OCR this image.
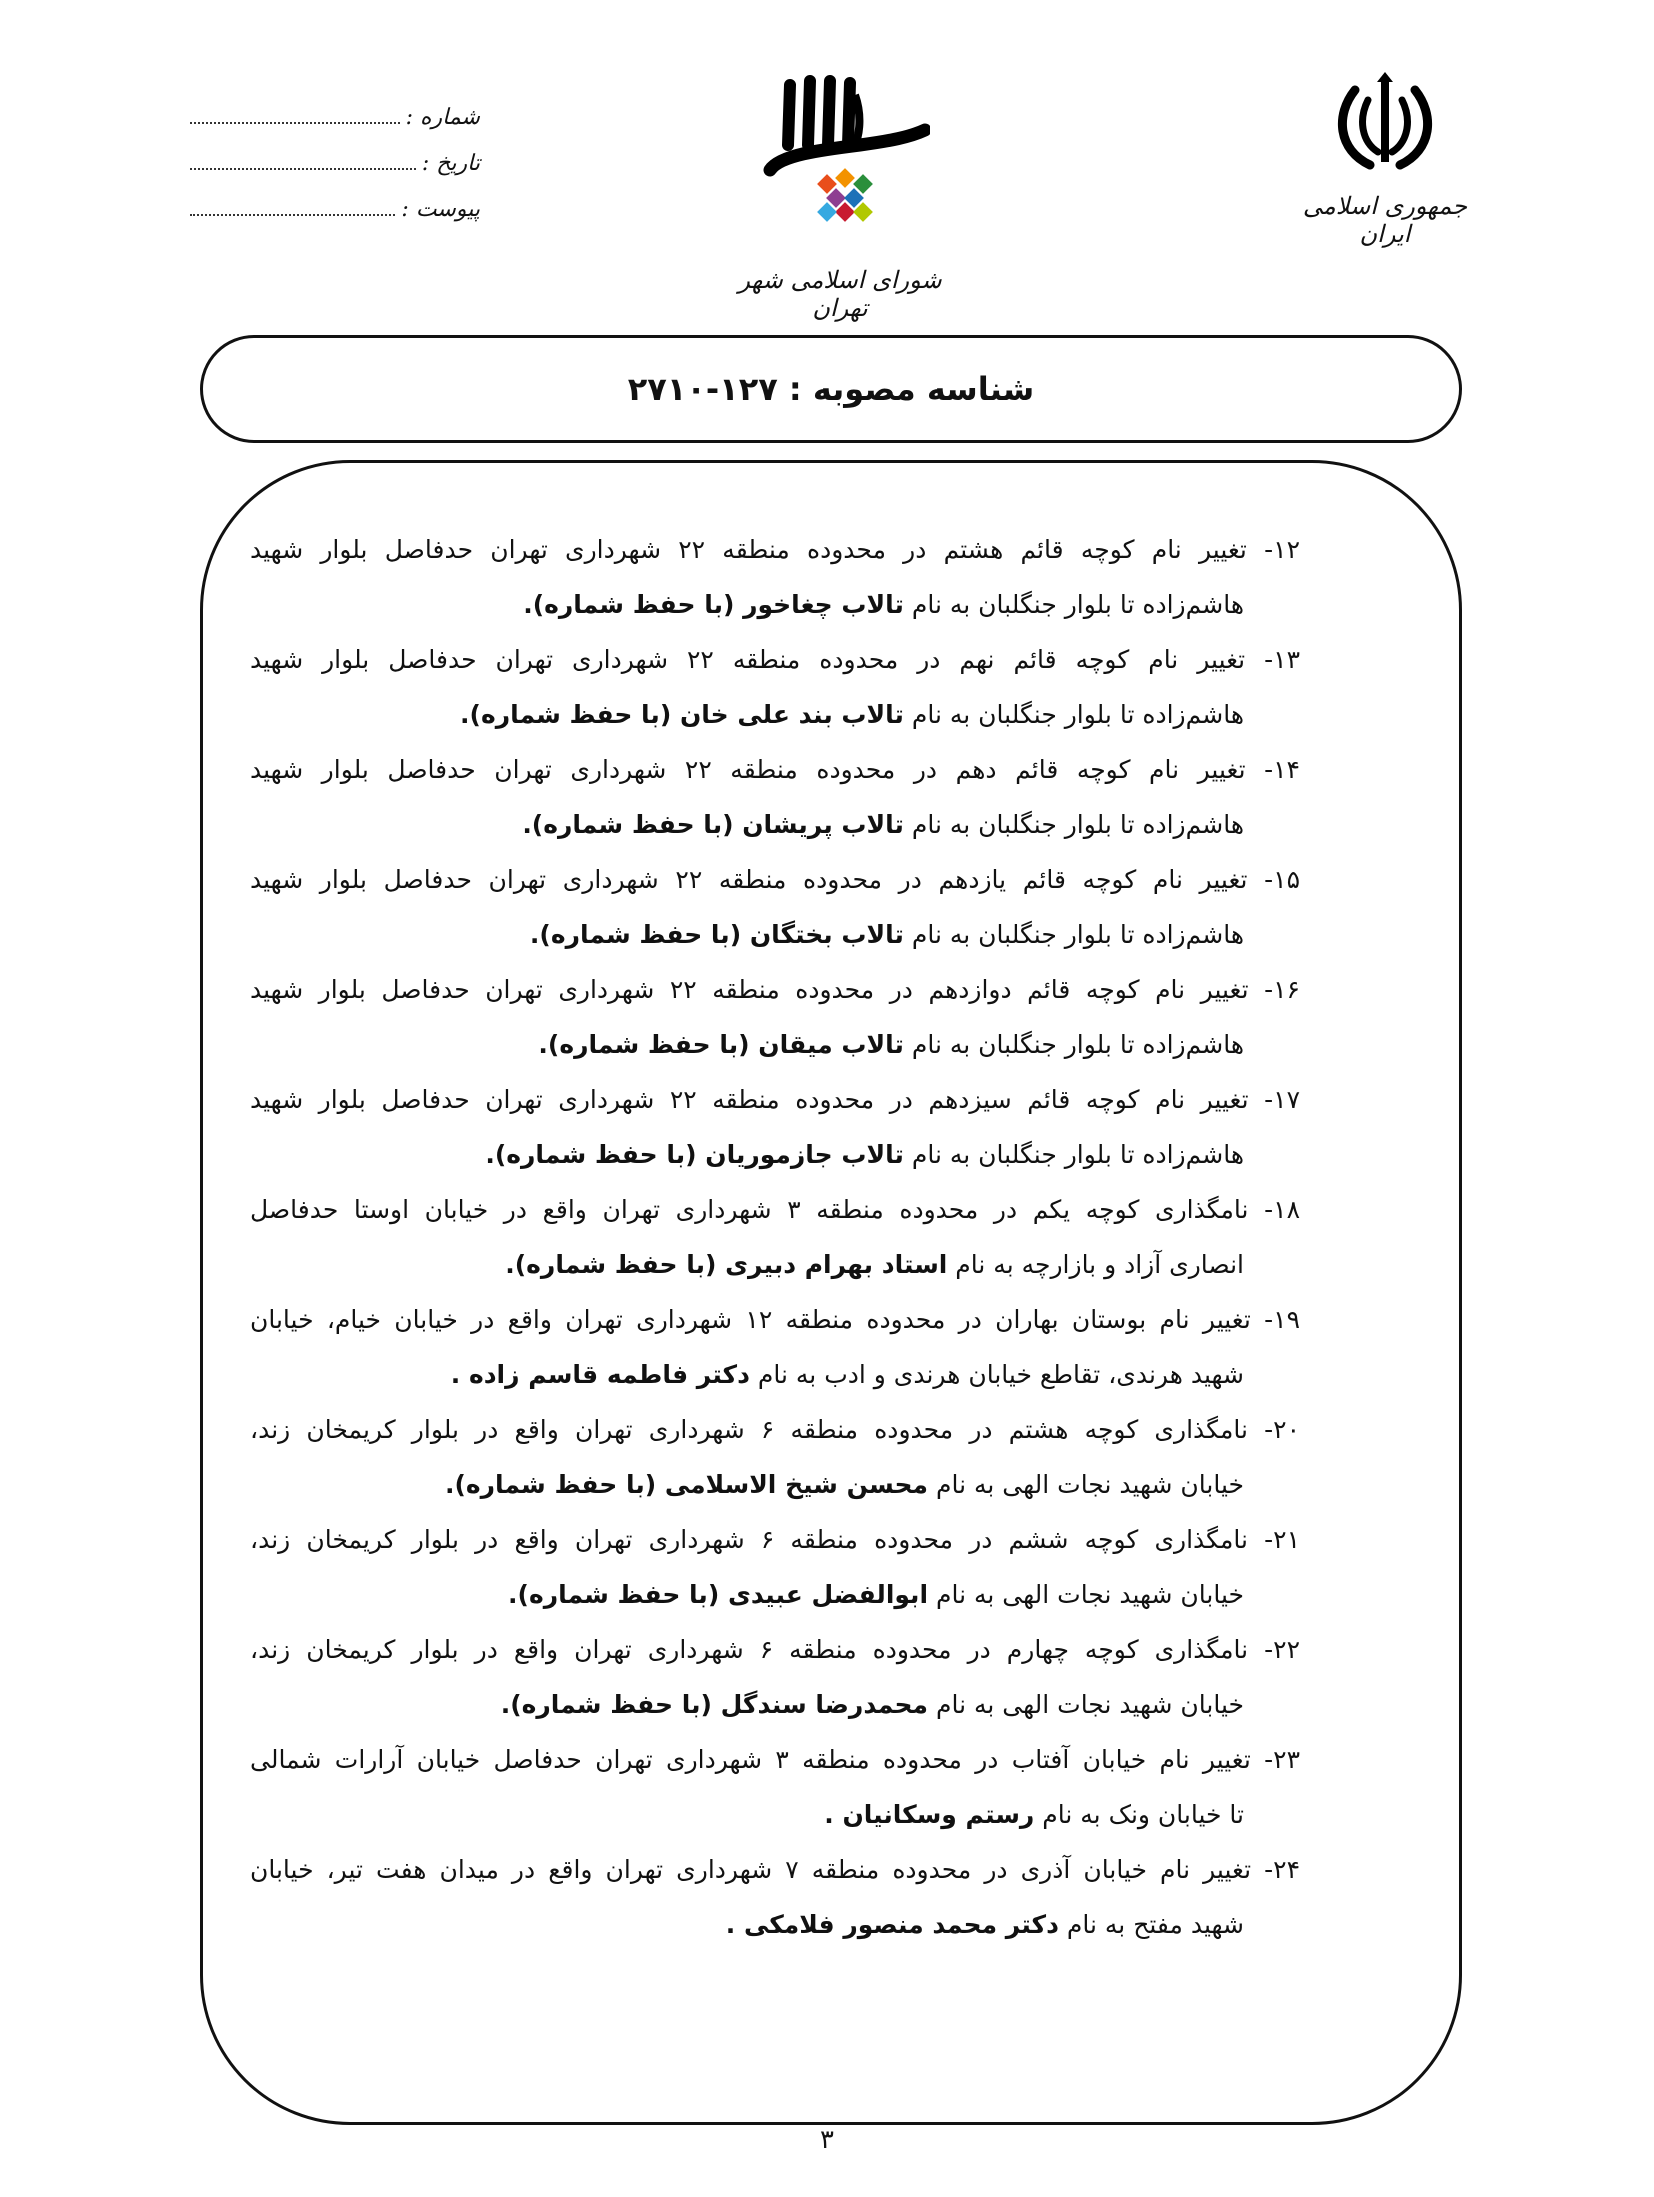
جمهوری اسلامی ایران
شورای اسلامی شهر تهران
شماره :
تاریخ :
پیوست :
شناسه مصوبه : ۱۲۷-۲۷۱۰
۱۲- تغییر نام کوچه قائم هشتم در محدوده منطقه ۲۲ شهرداری تهران حدفاصل بلوار شهید
هاشم‌زاده تا بلوار جنگلبان به نام تالاب چغاخور (با حفظ شماره).
۱۳- تغییر نام کوچه قائم نهم در محدوده منطقه ۲۲ شهرداری تهران حدفاصل بلوار شهید
هاشم‌زاده تا بلوار جنگلبان به نام تالاب بند علی خان (با حفظ شماره).
۱۴- تغییر نام کوچه قائم دهم در محدوده منطقه ۲۲ شهرداری تهران حدفاصل بلوار شهید
هاشم‌زاده تا بلوار جنگلبان به نام تالاب پریشان (با حفظ شماره).
۱۵- تغییر نام کوچه قائم یازدهم در محدوده منطقه ۲۲ شهرداری تهران حدفاصل بلوار شهید
هاشم‌زاده تا بلوار جنگلبان به نام تالاب بختگان (با حفظ شماره).
۱۶- تغییر نام کوچه قائم دوازدهم در محدوده منطقه ۲۲ شهرداری تهران حدفاصل بلوار شهید
هاشم‌زاده تا بلوار جنگلبان به نام تالاب میقان (با حفظ شماره).
۱۷- تغییر نام کوچه قائم سیزدهم در محدوده منطقه ۲۲ شهرداری تهران حدفاصل بلوار شهید
هاشم‌زاده تا بلوار جنگلبان به نام تالاب جازموریان (با حفظ شماره).
۱۸- نامگذاری کوچه یکم در محدوده منطقه ۳ شهرداری تهران واقع در خیابان اوستا حدفاصل
انصاری آزاد و بازارچه به نام استاد بهرام دبیری (با حفظ شماره).
۱۹- تغییر نام بوستان بهاران در محدوده منطقه ۱۲ شهرداری تهران واقع در خیابان خیام، خیابان
شهید هرندی، تقاطع خیابان هرندی و ادب به نام دکتر فاطمه قاسم زاده .
۲۰- نامگذاری کوچه هشتم در محدوده منطقه ۶ شهرداری تهران واقع در بلوار کریمخان زند،
خیابان شهید نجات الهی به نام محسن شیخ الاسلامی (با حفظ شماره).
۲۱- نامگذاری کوچه ششم در محدوده منطقه ۶ شهرداری تهران واقع در بلوار کریمخان زند،
خیابان شهید نجات الهی به نام ابوالفضل عبیدی (با حفظ شماره).
۲۲- نامگذاری کوچه چهارم در محدوده منطقه ۶ شهرداری تهران واقع در بلوار کریمخان زند،
خیابان شهید نجات الهی به نام محمدرضا سندگل (با حفظ شماره).
۲۳- تغییر نام خیابان آفتاب در محدوده منطقه ۳ شهرداری تهران حدفاصل خیابان آرارات شمالی
تا خیابان ونک به نام رستم وسکانیان .
۲۴- تغییر نام خیابان آذری در محدوده منطقه ۷ شهرداری تهران واقع در میدان هفت تیر، خیابان
شهید مفتح به نام دکتر محمد منصور فلامکی .
۳
